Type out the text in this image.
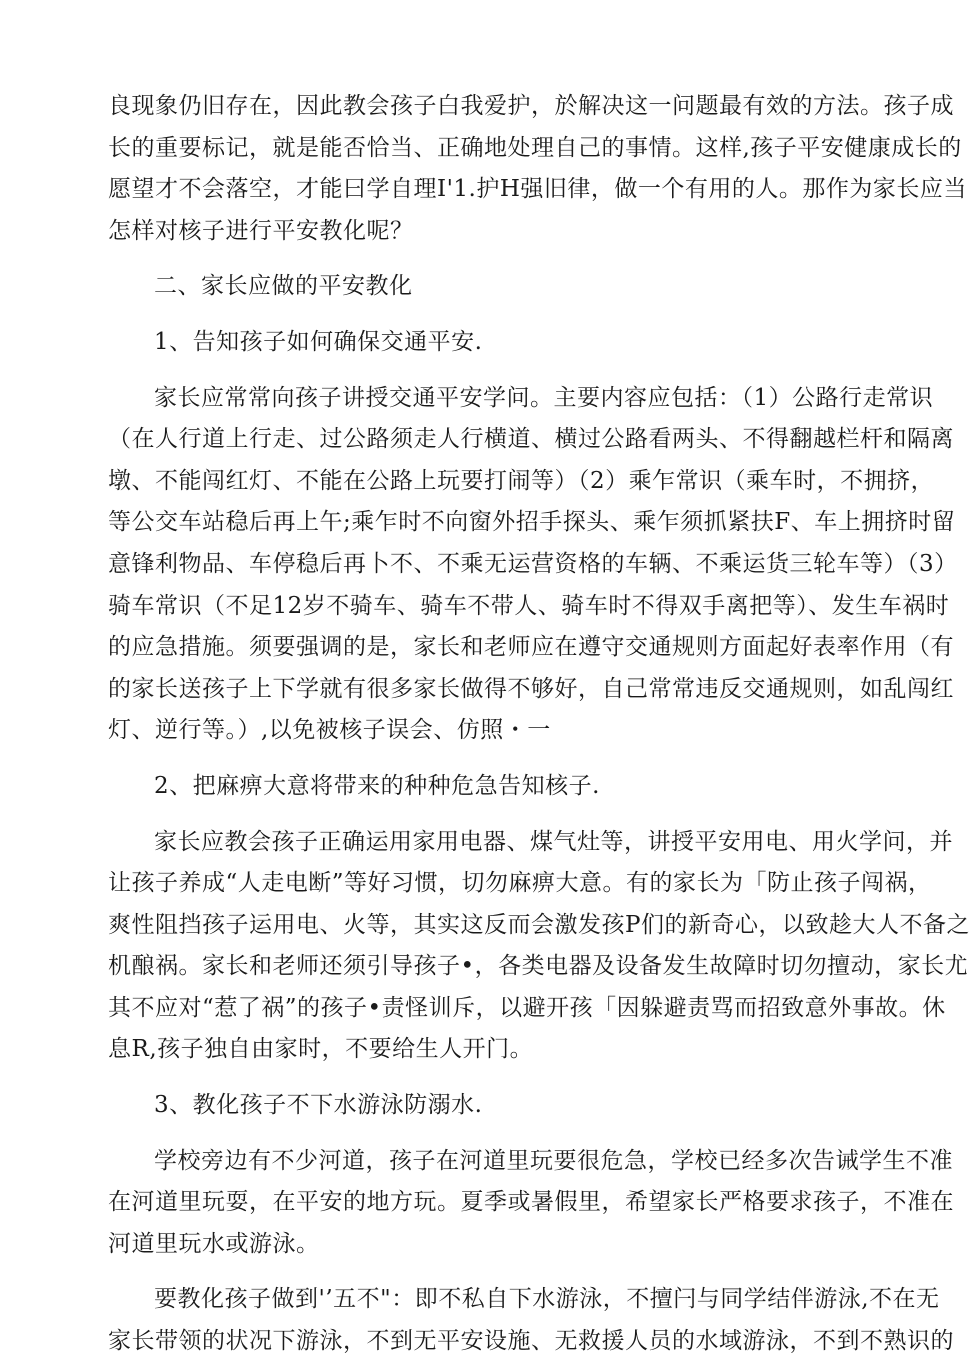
良现象仍旧存在，因此教会孩子白我爱护，於解决这一问题最有效的方法。孩子成
长的重要标记，就是能否恰当、正确地处理自己的事情。这样,孩子平安健康成长的
愿望才不会落空，才能曰学自理I'1.护H强旧律，做一个有用的人。那作为家长应当
怎样对核子进行平安教化呢？

二、家长应做的平安教化

1、告知孩子如何确保交通平安.

家长应常常向孩子讲授交通平安学问。主要内容应包括：（1）公路行走常识
（在人行道上行走、过公路须走人行横道、横过公路看两头、不得翻越栏杆和隔离
墩、不能闯红灯、不能在公路上玩要打闹等）（2）乘乍常识（乘车时，不拥挤，
等公交车站稳后再上午;乘乍时不向窗外招手探头、乘乍须抓紧扶F、车上拥挤时留
意锋利物品、车停稳后再卜不、不乘无运营资格的车辆、不乘运货三轮车等）（3）
骑车常识（不足12岁不骑车、骑车不带人、骑车时不得双手离把等）、发生车祸时
的应急措施。须要强调的是，家长和老师应在遵守交通规则方面起好表率作用（有
的家长送孩子上下学就有很多家长做得不够好，自己常常违反交通规则，如乱闯红
灯、逆行等。）,以免被核子误会、仿照・一

2、把麻痹大意将带来的种种危急告知核子.

家长应教会孩子正确运用家用电器、煤气灶等，讲授平安用电、用火学问，并
让孩子养成“人走电断”等好习惯，切勿麻痹大意。有的家长为「防止孩子闯祸，
爽性阻挡孩子运用电、火等，其实这反而会激发孩P们的新奇心，以致趁大人不备之
机酿祸。家长和老师还须引导孩子•，各类电器及设备发生故障时切勿擅动，家长尤
其不应对“惹了祸”的孩子•责怪训斥，以避开孩「因躲避责骂而招致意外事故。休
息R,孩子独自由家时，不要给生人开门。

3、教化孩子不下水游泳防溺水.

学校旁边有不少河道，孩子在河道里玩要很危急，学校已经多次告诫学生不准
在河道里玩耍，在平安的地方玩。夏季或暑假里，希望家长严格要求孩子，不准在
河道里玩水或游泳。

要教化孩子做到'’五不"：即不私自下水游泳，不擅闩与同学结伴游泳,不在无
家长带领的状况下游泳，不到无平安设施、无救援人员的水域游泳，不到不熟识的
